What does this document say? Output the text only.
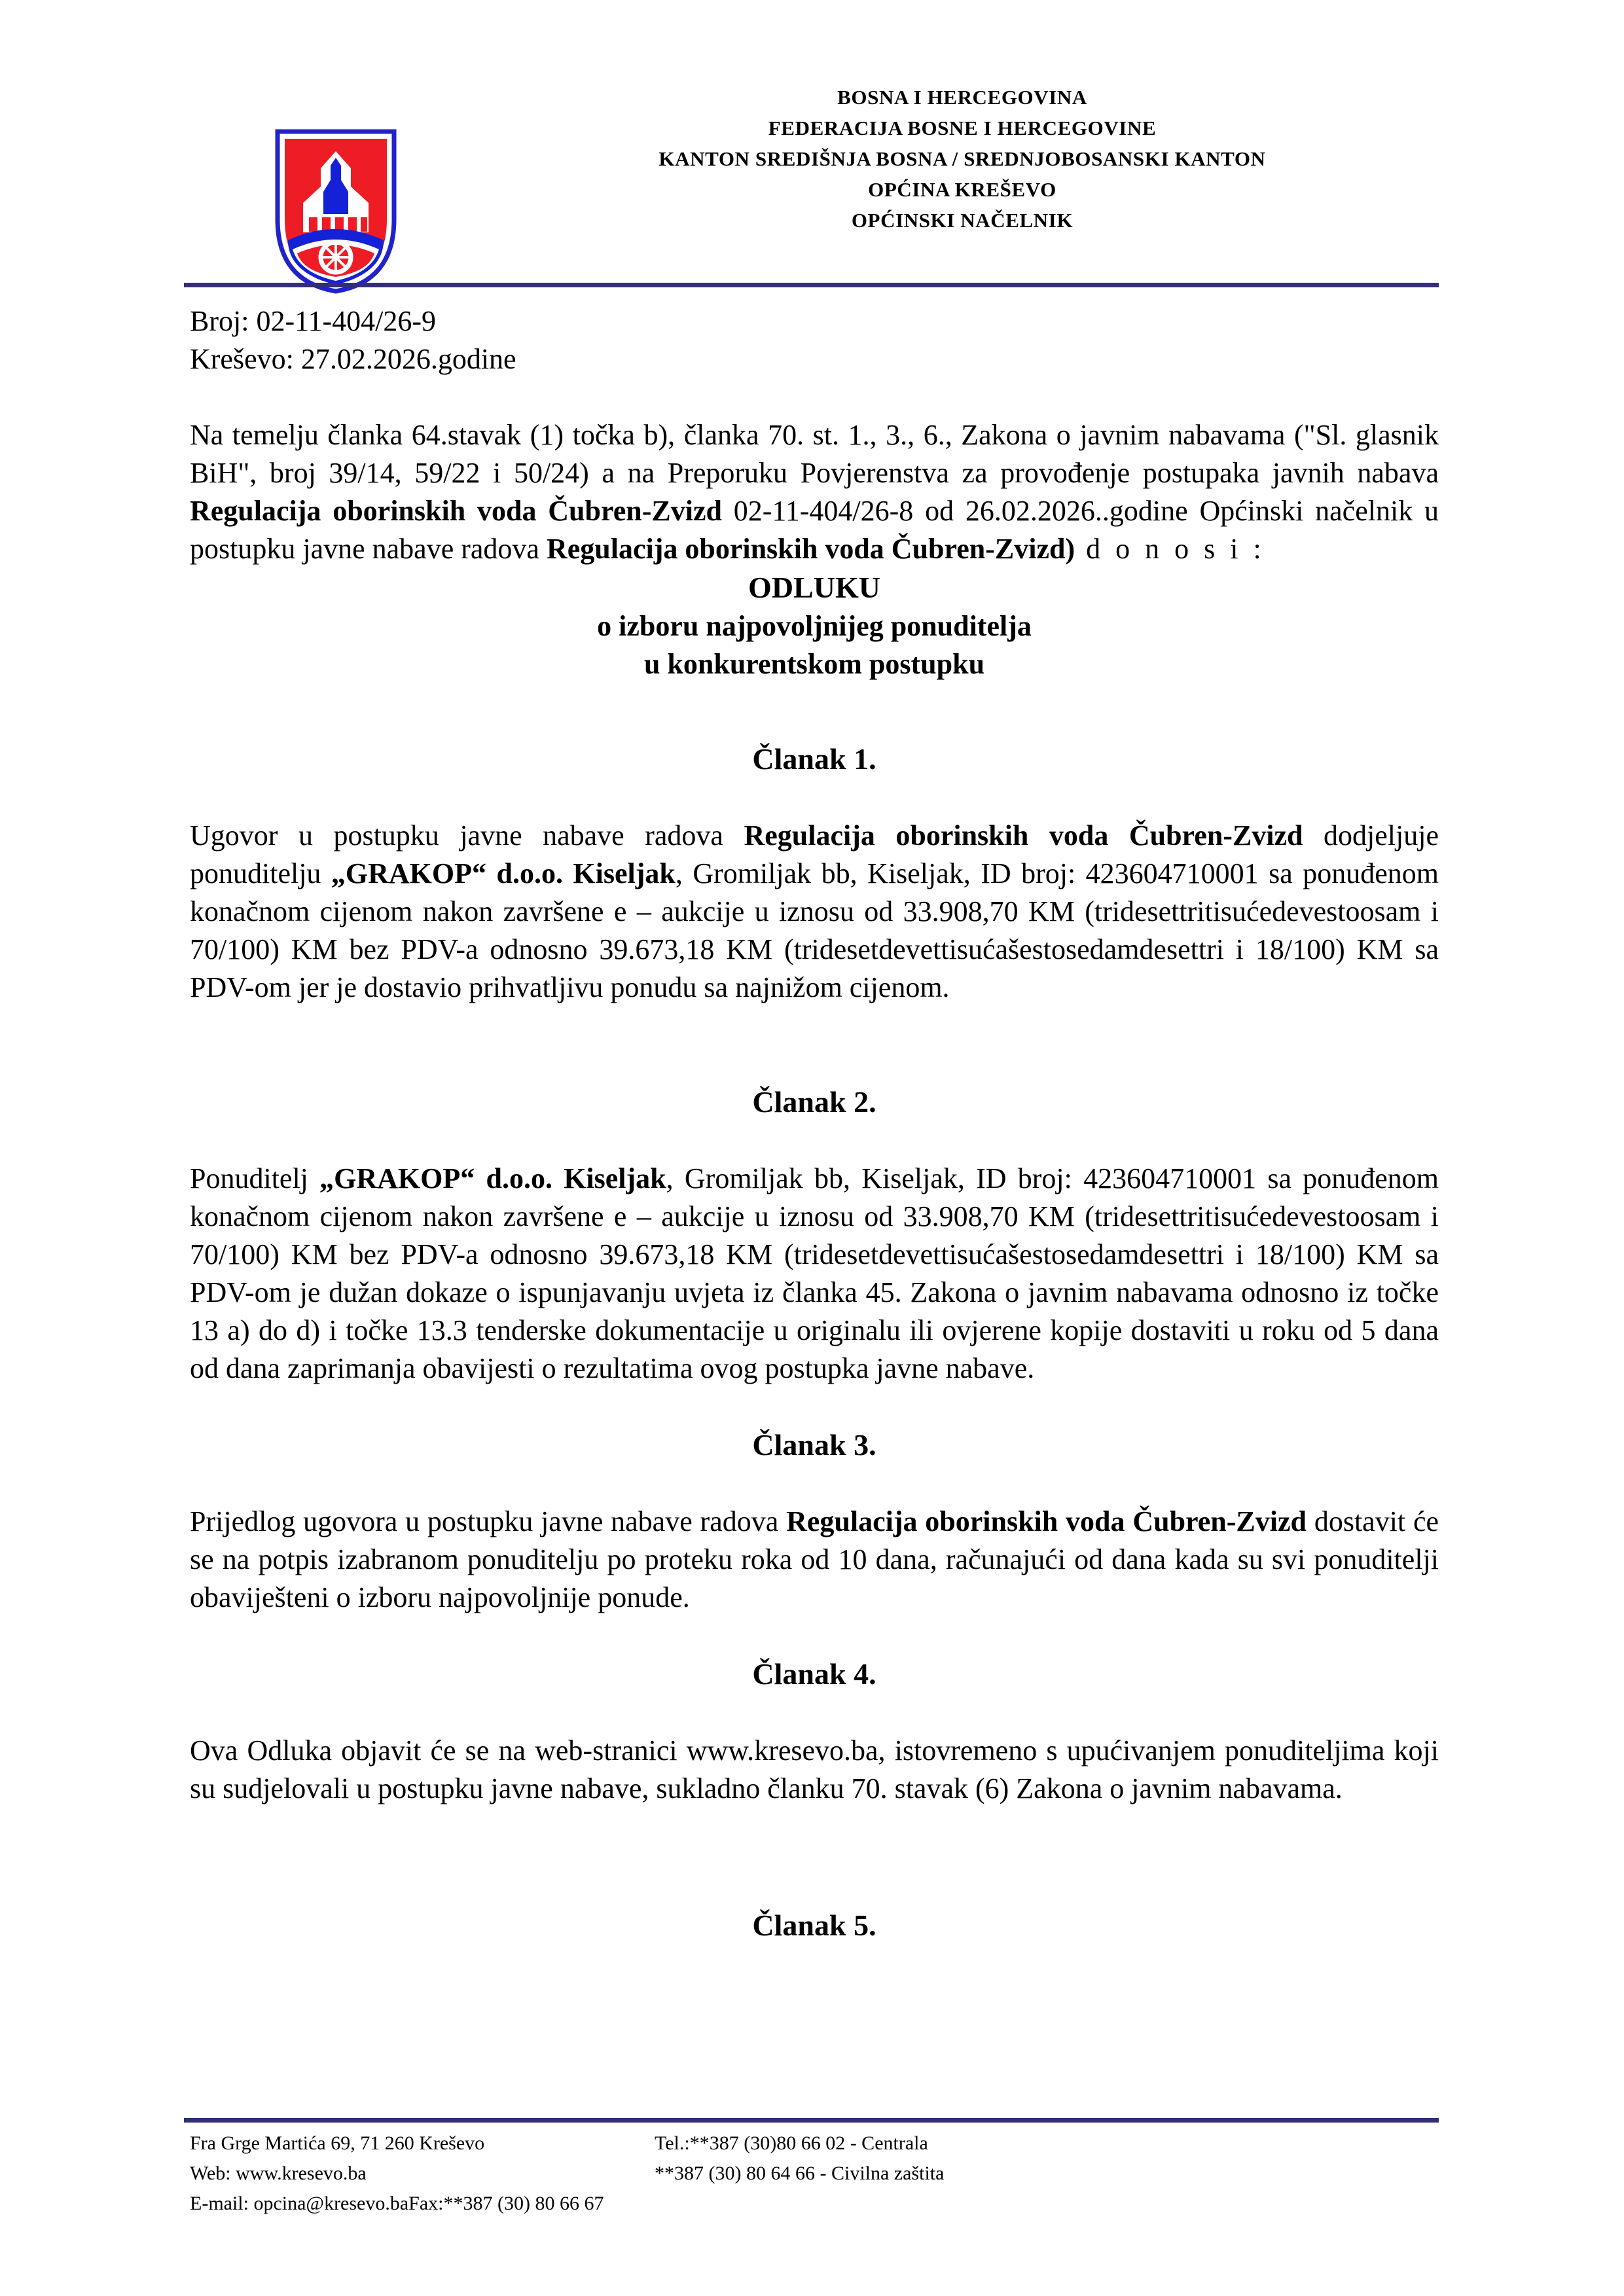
BOSNA I HERCEGOVINA
FEDERACIJA BOSNE I HERCEGOVINE
KANTON SREDIŠNJA BOSNA / SREDNJOBOSANSKI KANTON
OPĆINA KREŠEVO
OPĆINSKI NAČELNIK
Broj: 02-11-404/26-9
Kreševo: 27.02.2026.godine

Na temelju članka 64.stavak (1) točka b), članka 70. st. 1., 3., 6., Zakona o javnim nabavama ("Sl. glasnik BiH", broj 39/14, 59/22 i 50/24) a na Preporuku Povjerenstva za provođenje postupaka javnih nabava Regulacija oborinskih voda Čubren-Zvizd 02-11-404/26-8 od 26.02.2026..godine Općinski načelnik u postupku javne nabave radova Regulacija oborinskih voda Čubren-Zvizd) d o n o s i :

ODLUKU
o izboru najpovoljnijeg ponuditelja
u konkurentskom postupku
Članak 1.

Ugovor u postupku javne nabave radova Regulacija oborinskih voda Čubren-Zvizd dodjeljuje ponuditelju „GRAKOP“ d.o.o. Kiseljak, Gromiljak bb, Kiseljak, ID broj: 423604710001 sa ponuđenom konačnom cijenom nakon završene e – aukcije u iznosu od 33.908,70 KM (tridesettritisućedevestoosam i 70/100) KM bez PDV-a odnosno 39.673,18 KM (tridesetdevettisućašestosedamdesettri i 18/100) KM sa PDV-om jer je dostavio prihvatljivu ponudu sa najnižom cijenom.

Članak 2.

Ponuditelj „GRAKOP“ d.o.o. Kiseljak, Gromiljak bb, Kiseljak, ID broj: 423604710001 sa ponuđenom konačnom cijenom nakon završene e – aukcije u iznosu od 33.908,70 KM (tridesettritisućedevestoosam i 70/100) KM bez PDV-a odnosno 39.673,18 KM (tridesetdevettisućašestosedamdesettri i 18/100) KM sa PDV-om je dužan dokaze o ispunjavanju uvjeta iz članka 45. Zakona o javnim nabavama odnosno iz točke 13 a) do d) i točke 13.3 tenderske dokumentacije u originalu ili ovjerene kopije dostaviti u roku od 5 dana od dana zaprimanja obavijesti o rezultatima ovog postupka javne nabave.

Članak 3.

Prijedlog ugovora u postupku javne nabave radova Regulacija oborinskih voda Čubren-Zvizd dostavit će se na potpis izabranom ponuditelju po proteku roka od 10 dana, računajući od dana kada su svi ponuditelji obaviješteni o izboru najpovoljnije ponude.

Članak 4.

Ova Odluka objavit će se na web-stranici www.kresevo.ba, istovremeno s upućivanjem ponuditeljima koji su sudjelovali u postupku javne nabave, sukladno članku 70. stavak (6) Zakona o javnim nabavama.

Članak 5.
Fra Grge Martića 69, 71 260 Kreševo	Tel.:**387 (30)80 66 02 - Centrala
Web: www.kresevo.ba	**387 (30) 80 64 66 - Civilna zaštita
E-mail: opcina@kresevo.baFax:**387 (30) 80 66 67
